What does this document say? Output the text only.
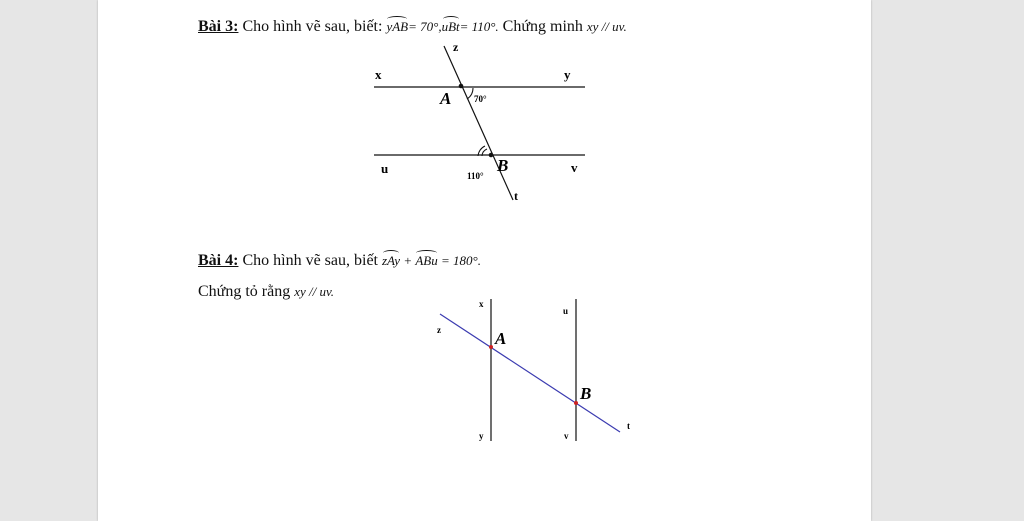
Bài 3: Cho hình vẽ sau, biết: yAB= 70°,uBt= 110°. Chứng minh xy // uv.
Bài 4: Cho hình vẽ sau, biết zAy + ABu = 180°.
Chứng tỏ rằng xy // uv.
x	y
u	v
z
t
A
B
70°
110°
x
y
u
v
z
t
A
B
